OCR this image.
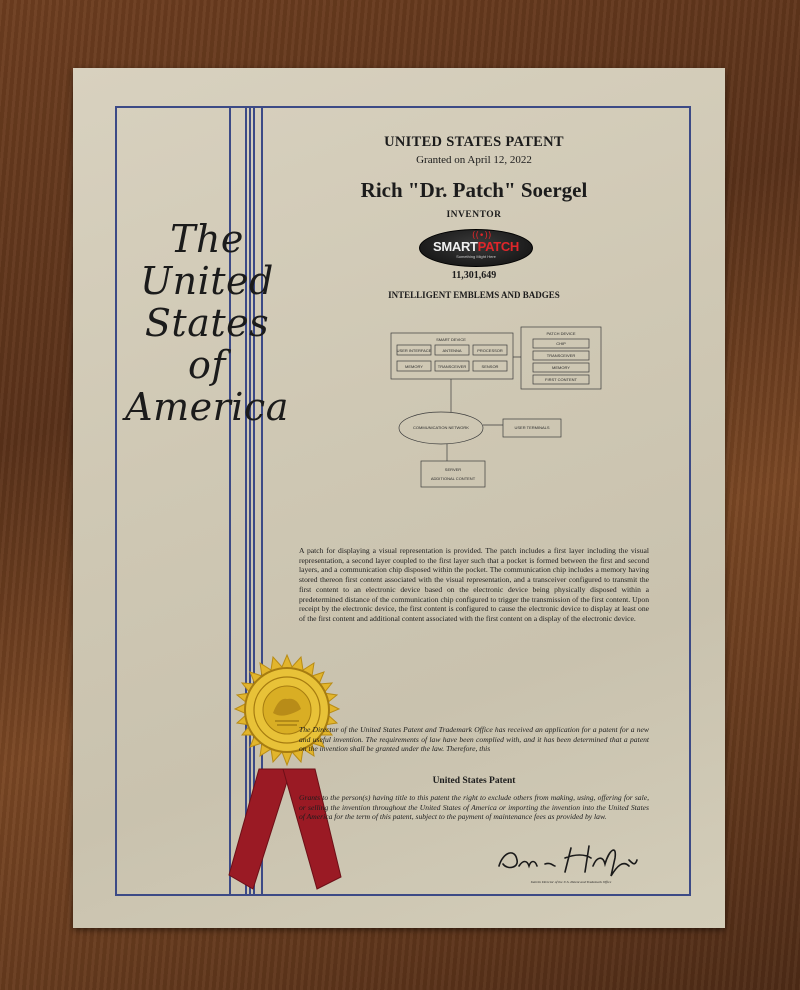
The
United
States
of
America
UNITED STATES PATENT
Granted on April 12, 2022
Rich "Dr. Patch" Soergel
INVENTOR
((•))
SMARTPATCH
Something Might Here
11,301,649
INTELLIGENT EMBLEMS AND BADGES
SMART DEVICE
USER INTERFACE	ANTENNA	PROCESSOR
MEMORY	TRANSCEIVER	SENSOR
PATCH DEVICE
CHIP
TRANSCEIVER
MEMORY
FIRST CONTENT
COMMUNICATION NETWORK	USER TERMINALS
SERVER
ADDITIONAL CONTENT
A patch for displaying a visual representation is provided. The patch includes a first layer including the visual representation, a second layer coupled to the first layer such that a pocket is formed between the first and second layers, and a communication chip disposed within the pocket. The communication chip includes a memory having stored thereon first content associated with the visual representation, and a transceiver configured to transmit the first content to an electronic device based on the electronic device being physically disposed within a predetermined distance of the communication chip configured to trigger the transmission of the first content. Upon receipt by the electronic device, the first content is configured to cause the electronic device to display at least one of the first content and additional content associated with the first content on a display of the electronic device.
The Director of the United States Patent and Trademark Office has received an application for a patent for a new and useful invention. The requirements of law have been complied with, and it has been determined that a patent on the invention shall be granted under the law. Therefore, this
United States Patent
Grants to the person(s) having title to this patent the right to exclude others from making, using, offering for sale, or selling the invention throughout the United States of America or importing the invention into the United States of America for the term of this patent, subject to the payment of maintenance fees as provided by law.
Interim Director of the U.S. Patent and Trademark Office
